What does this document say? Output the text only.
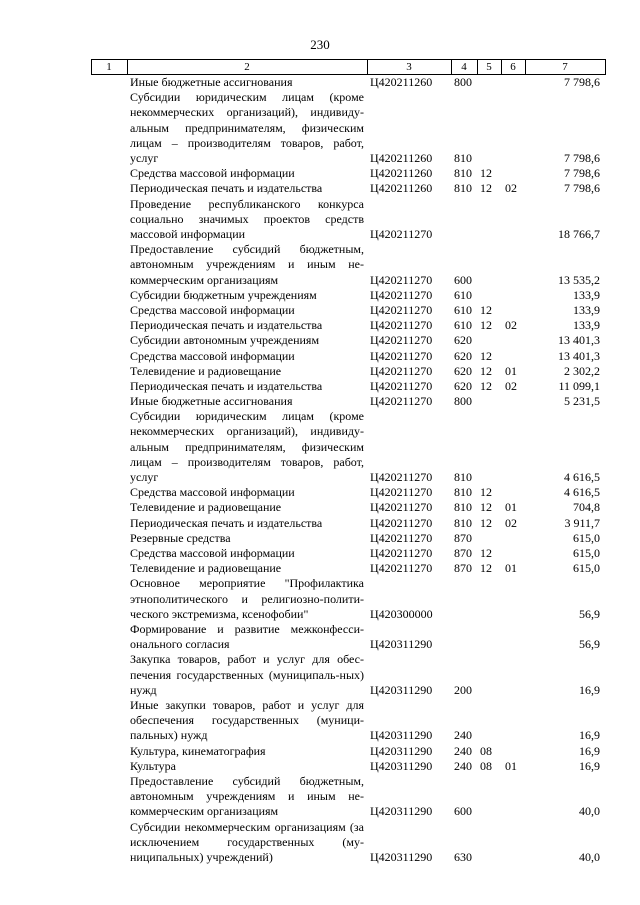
230
1	2	3	4	5	6	7
Иные бюджетные ассигнования	Ц420211260	800	7 798,6
Субсидии юридическим лицам (кроме некоммерческих организаций), индивиду-альным предпринимателям, физическим лицам – производителям товаров, работ, услуг	Ц420211260	810	7 798,6
Средства массовой информации	Ц420211260	810 12	7 798,6
Периодическая печать и издательства	Ц420211260	810 12	02	7 798,6
Проведение республиканского конкурса социально значимых проектов средств массовой информации	Ц420211270	18 766,7
Предоставление субсидий бюджетным, автономным учреждениям и иным не-коммерческим организациям	Ц420211270	600	13 535,2
Субсидии бюджетным учреждениям	Ц420211270	610	133,9
Средства массовой информации	Ц420211270	610 12	133,9
Периодическая печать и издательства	Ц420211270	610 12	02	133,9
Субсидии автономным учреждениям	Ц420211270	620	13 401,3
Средства массовой информации	Ц420211270	620 12	13 401,3
Телевидение и радиовещание	Ц420211270	620 12	01	2 302,2
Периодическая печать и издательства	Ц420211270	620 12	02	11 099,1
Иные бюджетные ассигнования	Ц420211270	800	5 231,5
Субсидии юридическим лицам (кроме некоммерческих организаций), индивиду-альным предпринимателям, физическим лицам – производителям товаров, работ, услуг	Ц420211270	810	4 616,5
Средства массовой информации	Ц420211270	810 12	4 616,5
Телевидение и радиовещание	Ц420211270	810 12	01	704,8
Периодическая печать и издательства	Ц420211270	810 12	02	3 911,7
Резервные средства	Ц420211270	870	615,0
Средства массовой информации	Ц420211270	870 12	615,0
Телевидение и радиовещание	Ц420211270	870 12	01	615,0
Основное мероприятие "Профилактика этнополитического и религиозно-полити-ческого экстремизма, ксенофобии"	Ц420300000	56,9
Формирование и развитие межконфесси-онального согласия	Ц420311290	56,9
Закупка товаров, работ и услуг для обес-печения государственных (муниципаль-ных) нужд	Ц420311290	200	16,9
Иные закупки товаров, работ и услуг для обеспечения государственных (муници-пальных) нужд	Ц420311290	240	16,9
Культура, кинематография	Ц420311290	240 08	16,9
Культура	Ц420311290	240 08	01	16,9
Предоставление субсидий бюджетным, автономным учреждениям и иным не-коммерческим организациям	Ц420311290	600	40,0
Субсидии некоммерческим организациям (за исключением государственных (му-ниципальных) учреждений)	Ц420311290	630	40,0
